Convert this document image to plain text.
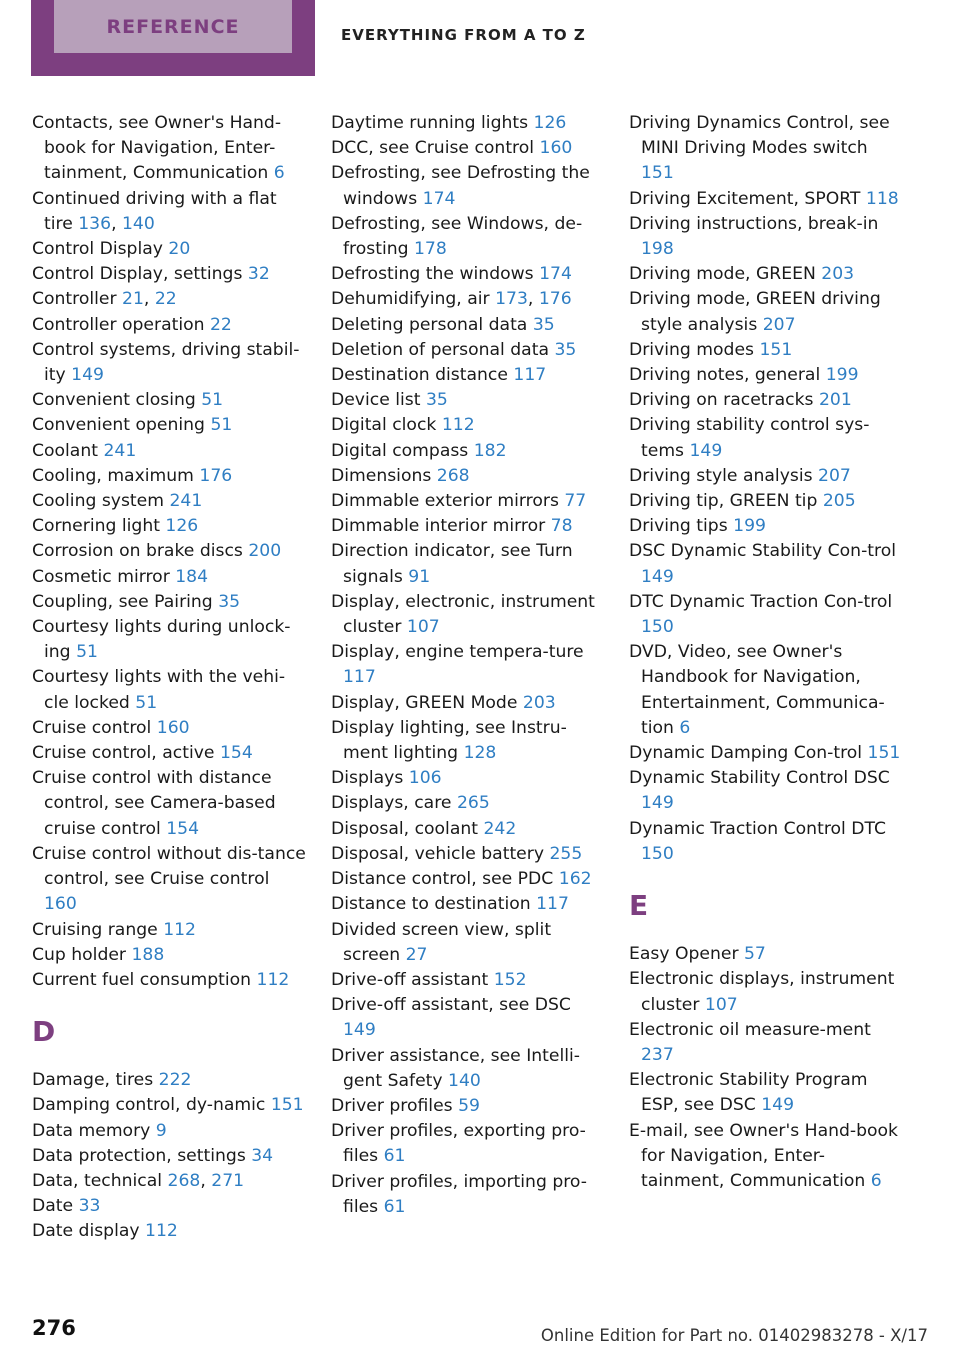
REFERENCE	EVERYTHING FROM A TO Z
Contacts, see Owner's Hand-book for Navigation, Enter-tainment, Communication 6
Continued driving with a flat tire 136, 140
Control Display 20
Control Display, settings 32
Controller 21, 22
Controller operation 22
Control systems, driving stabil-ity 149
Convenient closing 51
Convenient opening 51
Coolant 241
Cooling, maximum 176
Cooling system 241
Cornering light 126
Corrosion on brake discs 200
Cosmetic mirror 184
Coupling, see Pairing 35
Courtesy lights during unlock-ing 51
Courtesy lights with the vehi-cle locked 51
Cruise control 160
Cruise control, active 154
Cruise control with distance control, see Camera-based cruise control 154
Cruise control without dis-tance control, see Cruise control 160
Cruising range 112
Cup holder 188
Current fuel consumption 112
D
Damage, tires 222
Damping control, dy-namic 151
Data memory 9
Data protection, settings 34
Data, technical 268, 271
Date 33
Date display 112
Daytime running lights 126
DCC, see Cruise control 160
Defrosting, see Defrosting the windows 174
Defrosting, see Windows, de-frosting 178
Defrosting the windows 174
Dehumidifying, air 173, 176
Deleting personal data 35
Deletion of personal data 35
Destination distance 117
Device list 35
Digital clock 112
Digital compass 182
Dimensions 268
Dimmable exterior mirrors 77
Dimmable interior mirror 78
Direction indicator, see Turn signals 91
Display, electronic, instrument cluster 107
Display, engine tempera-ture 117
Display, GREEN Mode 203
Display lighting, see Instru-ment lighting 128
Displays 106
Displays, care 265
Disposal, coolant 242
Disposal, vehicle battery 255
Distance control, see PDC 162
Distance to destination 117
Divided screen view, split screen 27
Drive-off assistant 152
Drive-off assistant, see DSC 149
Driver assistance, see Intelli-gent Safety 140
Driver profiles 59
Driver profiles, exporting pro-files 61
Driver profiles, importing pro-files 61
Driving Dynamics Control, see MINI Driving Modes switch 151
Driving Excitement, SPORT 118
Driving instructions, break-in 198
Driving mode, GREEN 203
Driving mode, GREEN driving style analysis 207
Driving modes 151
Driving notes, general 199
Driving on racetracks 201
Driving stability control sys-tems 149
Driving style analysis 207
Driving tip, GREEN tip 205
Driving tips 199
DSC Dynamic Stability Con-trol 149
DTC Dynamic Traction Con-trol 150
DVD, Video, see Owner's Handbook for Navigation, Entertainment, Communica-tion 6
Dynamic Damping Con-trol 151
Dynamic Stability Control DSC 149
Dynamic Traction Control DTC 150
E
Easy Opener 57
Electronic displays, instrument cluster 107
Electronic oil measure-ment 237
Electronic Stability Program ESP, see DSC 149
E-mail, see Owner's Hand-book for Navigation, Enter-tainment, Communication 6
276	Online Edition for Part no. 01402983278 - X/17
